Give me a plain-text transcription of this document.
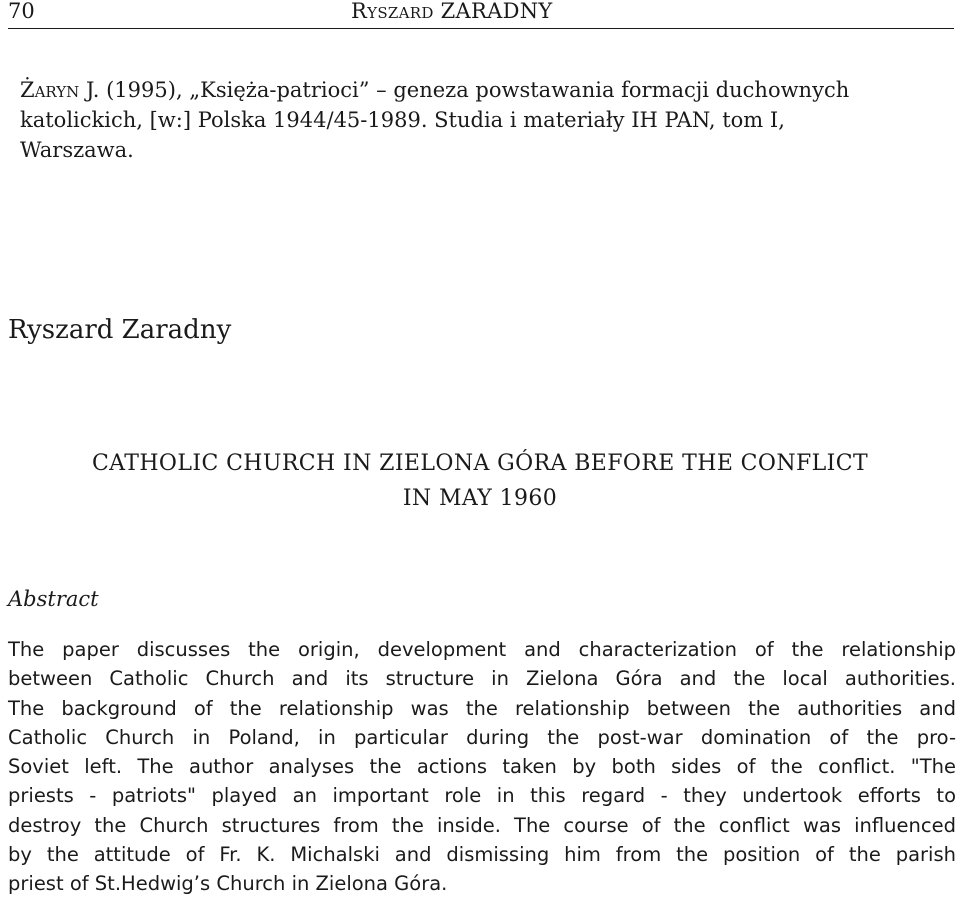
70	Ryszard ZARADNY
Żaryn J. (1995), „Księża-patrioci” – geneza powstawania formacji duchownych
katolickich, [w:] Polska 1944/45-1989. Studia i materiały IH PAN, tom I,
Warszawa.
Ryszard Zaradny
CATHOLIC CHURCH IN ZIELONA GÓRA BEFORE THE CONFLICT
IN MAY 1960
Abstract
The paper discusses the origin, development and characterization of the relationship
between Catholic Church and its structure in Zielona Góra and the local authorities.
The background of the relationship was the relationship between the authorities and
Catholic Church in Poland, in particular during the post-war domination of the pro-
Soviet left. The author analyses the actions taken by both sides of the conflict. "The
priests - patriots" played an important role in this regard - they undertook efforts to
destroy the Church structures from the inside. The course of the conflict was influenced
by the attitude of Fr. K. Michalski and dismissing him from the position of the parish
priest of St.Hedwig’s Church in Zielona Góra.
